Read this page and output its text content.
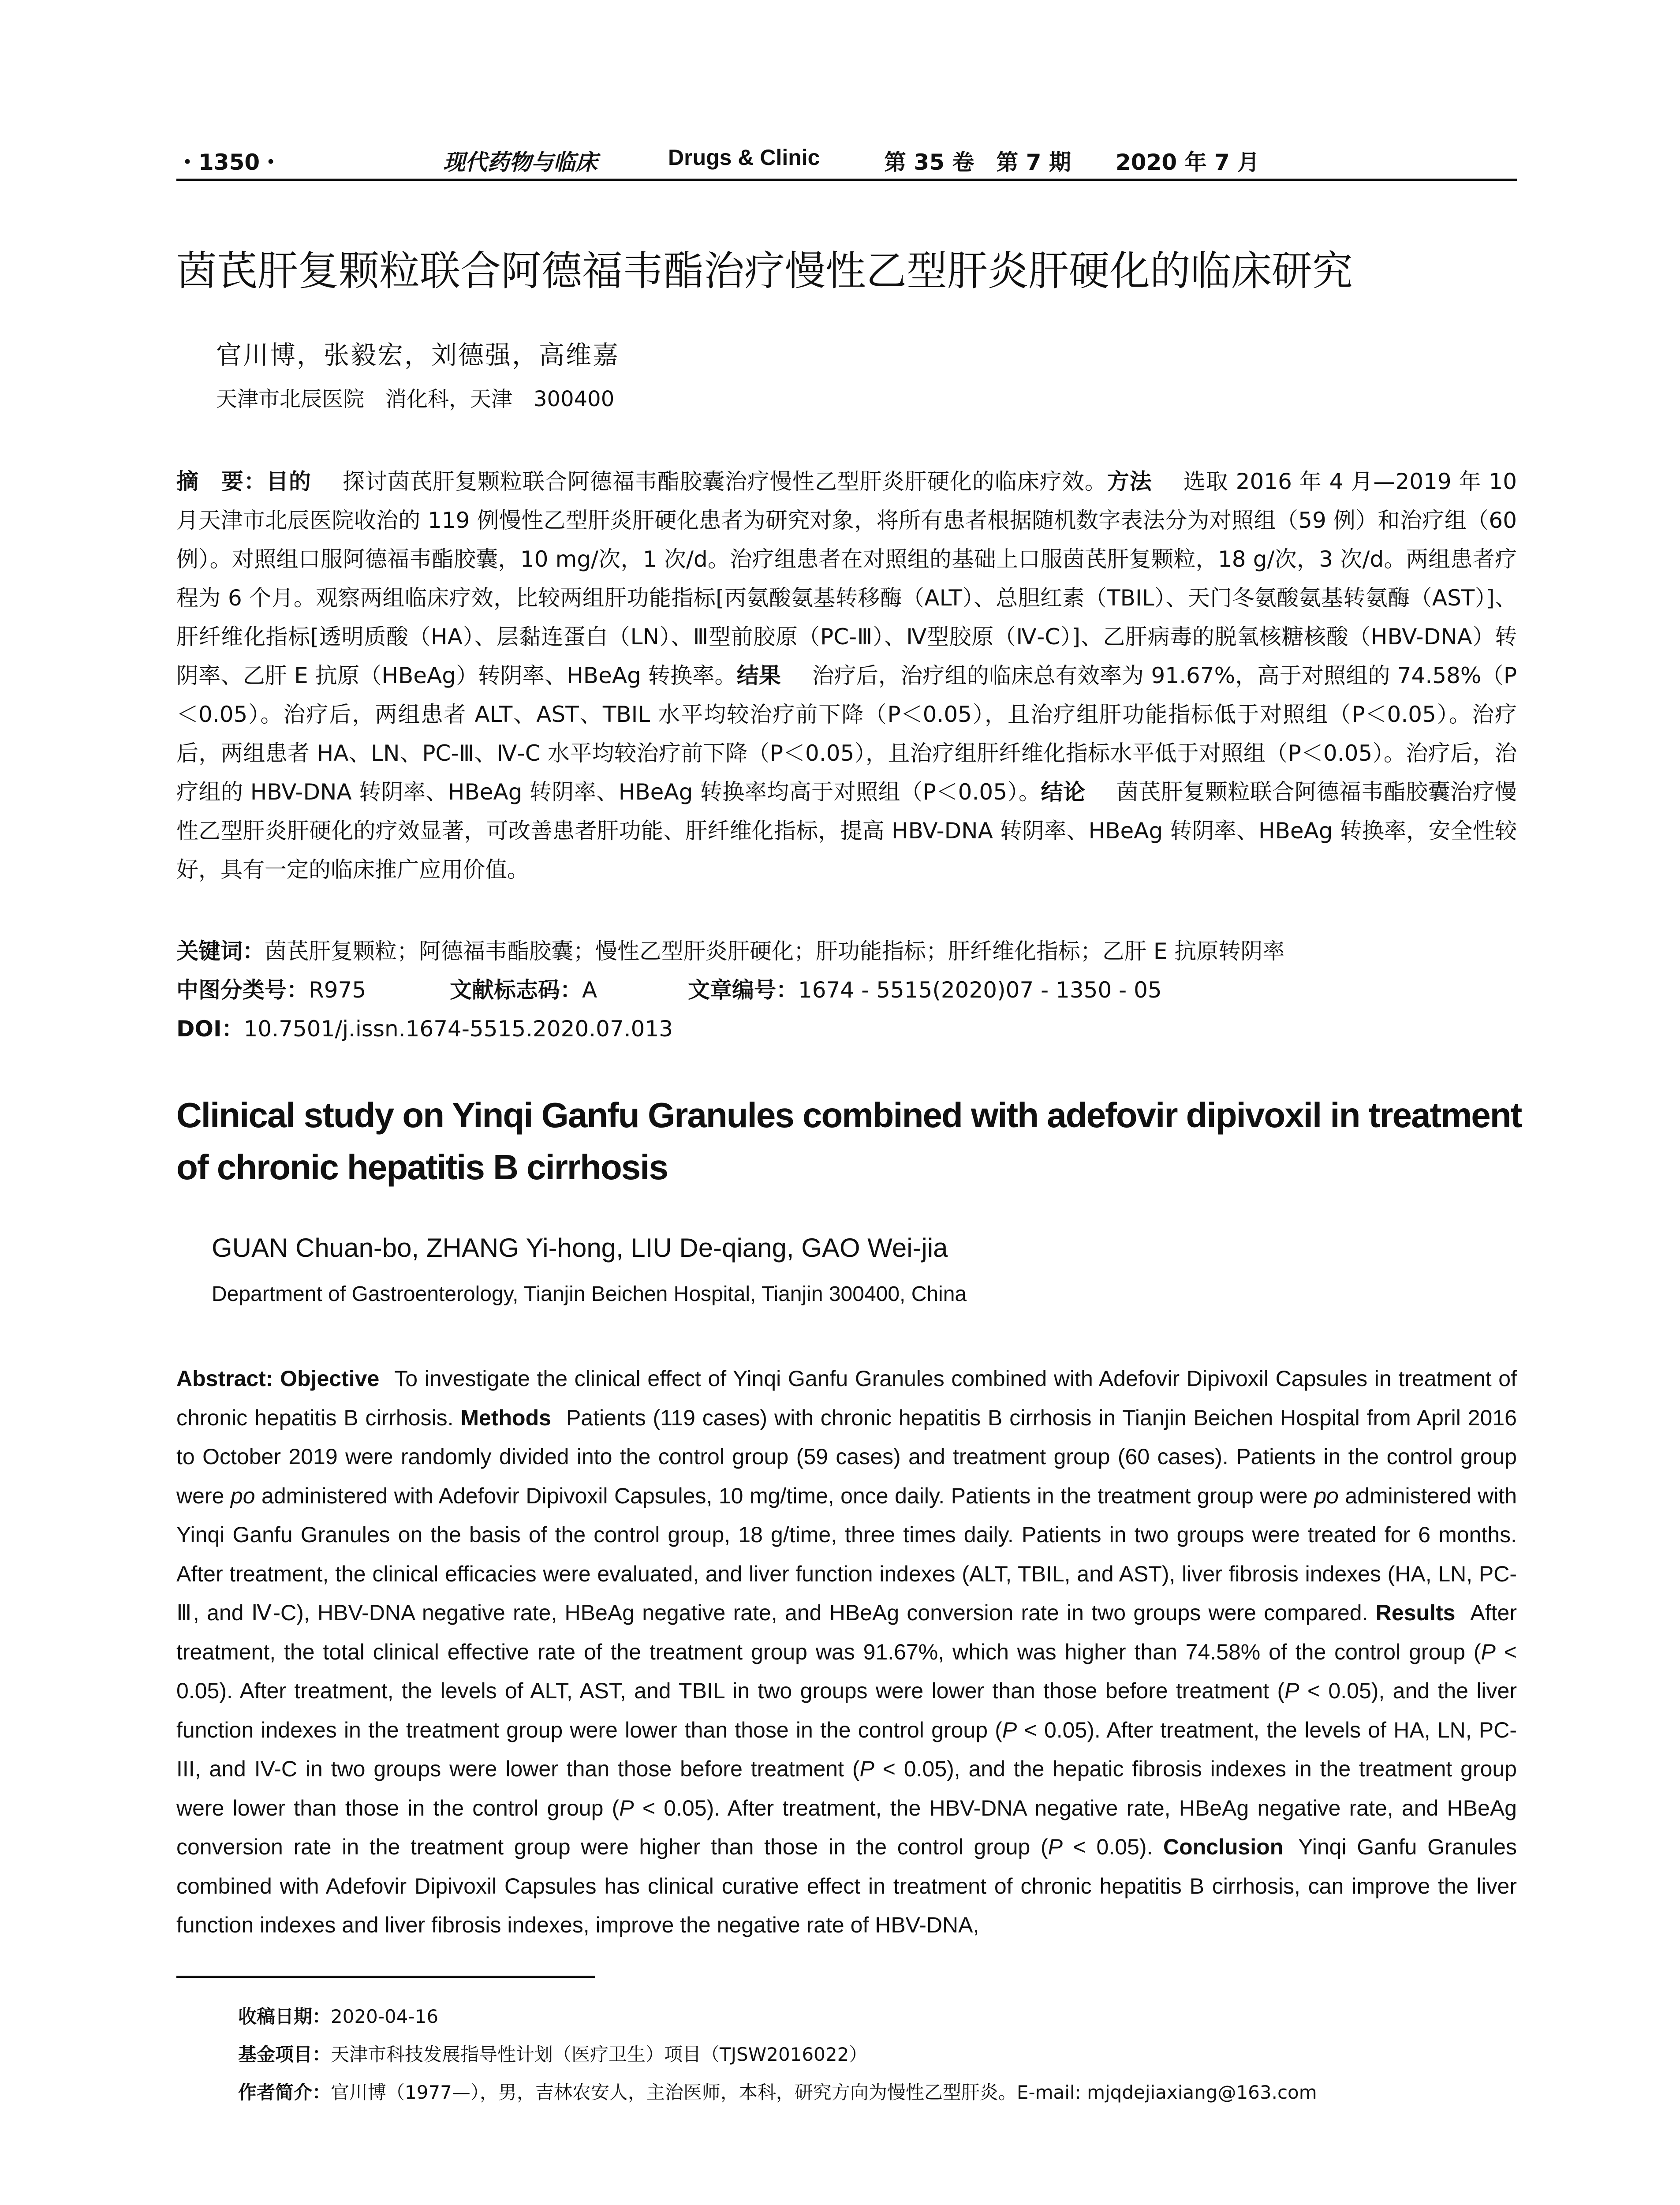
・1350・	现代药物与临床	Drugs & Clinic	第 35 卷　第 7 期 2020 年 7 月
茵芪肝复颗粒联合阿德福韦酯治疗慢性乙型肝炎肝硬化的临床研究
官川博，张毅宏，刘德强，高维嘉
天津市北辰医院　消化科，天津　300400
摘　要：目的 探讨茵芪肝复颗粒联合阿德福韦酯胶囊治疗慢性乙型肝炎肝硬化的临床疗效。方法 选取 2016 年 4 月—2019 年 10 月天津市北辰医院收治的 119 例慢性乙型肝炎肝硬化患者为研究对象，将所有患者根据随机数字表法分为对照组（59 例）和治疗组（60 例）。对照组口服阿德福韦酯胶囊，10 mg/次，1 次/d。治疗组患者在对照组的基础上口服茵芪肝复颗粒，18 g/次，3 次/d。两组患者疗程为 6 个月。观察两组临床疗效，比较两组肝功能指标[丙氨酸氨基转移酶（ALT）、总胆红素（TBIL）、天门冬氨酸氨基转氨酶（AST）]、肝纤维化指标[透明质酸（HA）、层黏连蛋白（LN）、Ⅲ型前胶原（PC-Ⅲ）、Ⅳ型胶原（Ⅳ-C）]、乙肝病毒的脱氧核糖核酸（HBV-DNA）转阴率、乙肝 E 抗原（HBeAg）转阴率、HBeAg 转换率。结果 治疗后，治疗组的临床总有效率为 91.67%，高于对照组的 74.58%（P＜0.05）。治疗后，两组患者 ALT、AST、TBIL 水平均较治疗前下降（P＜0.05），且治疗组肝功能指标低于对照组（P＜0.05）。治疗后，两组患者 HA、LN、PC-Ⅲ、Ⅳ-C 水平均较治疗前下降（P＜0.05），且治疗组肝纤维化指标水平低于对照组（P＜0.05）。治疗后，治疗组的 HBV-DNA 转阴率、HBeAg 转阴率、HBeAg 转换率均高于对照组（P＜0.05）。结论 茵芪肝复颗粒联合阿德福韦酯胶囊治疗慢性乙型肝炎肝硬化的疗效显著，可改善患者肝功能、肝纤维化指标，提高 HBV-DNA 转阴率、HBeAg 转阴率、HBeAg 转换率，安全性较好，具有一定的临床推广应用价值。
关键词：茵芪肝复颗粒；阿德福韦酯胶囊；慢性乙型肝炎肝硬化；肝功能指标；肝纤维化指标；乙肝 E 抗原转阴率
中图分类号：R975	文献标志码：A	文章编号：1674 - 5515(2020)07 - 1350 - 05
DOI：10.7501/j.issn.1674-5515.2020.07.013
Clinical study on Yinqi Ganfu Granules combined with adefovir dipivoxil in treatment of chronic hepatitis B cirrhosis
GUAN Chuan-bo, ZHANG Yi-hong, LIU De-qiang, GAO Wei-jia
Department of Gastroenterology, Tianjin Beichen Hospital, Tianjin 300400, China
Abstract: Objective To investigate the clinical effect of Yinqi Ganfu Granules combined with Adefovir Dipivoxil Capsules in treatment of chronic hepatitis B cirrhosis. Methods Patients (119 cases) with chronic hepatitis B cirrhosis in Tianjin Beichen Hospital from April 2016 to October 2019 were randomly divided into the control group (59 cases) and treatment group (60 cases). Patients in the control group were po administered with Adefovir Dipivoxil Capsules, 10 mg/time, once daily. Patients in the treatment group were po administered with Yinqi Ganfu Granules on the basis of the control group, 18 g/time, three times daily. Patients in two groups were treated for 6 months. After treatment, the clinical efficacies were evaluated, and liver function indexes (ALT, TBIL, and AST), liver fibrosis indexes (HA, LN, PC-Ⅲ, and Ⅳ-C), HBV-DNA negative rate, HBeAg negative rate, and HBeAg conversion rate in two groups were compared. Results After treatment, the total clinical effective rate of the treatment group was 91.67%, which was higher than 74.58% of the control group (P < 0.05). After treatment, the levels of ALT, AST, and TBIL in two groups were lower than those before treatment (P < 0.05), and the liver function indexes in the treatment group were lower than those in the control group (P < 0.05). After treatment, the levels of HA, LN, PC- III, and IV-C in two groups were lower than those before treatment (P < 0.05), and the hepatic fibrosis indexes in the treatment group were lower than those in the control group (P < 0.05). After treatment, the HBV-DNA negative rate, HBeAg negative rate, and HBeAg conversion rate in the treatment group were higher than those in the control group (P < 0.05). Conclusion Yinqi Ganfu Granules combined with Adefovir Dipivoxil Capsules has clinical curative effect in treatment of chronic hepatitis B cirrhosis, can improve the liver function indexes and liver fibrosis indexes, improve the negative rate of HBV-DNA,
收稿日期：2020-04-16
基金项目：天津市科技发展指导性计划（医疗卫生）项目（TJSW2016022）
作者简介：官川博（1977—），男，吉林农安人，主治医师，本科，研究方向为慢性乙型肝炎。E-mail: mjqdejiaxiang@163.com
